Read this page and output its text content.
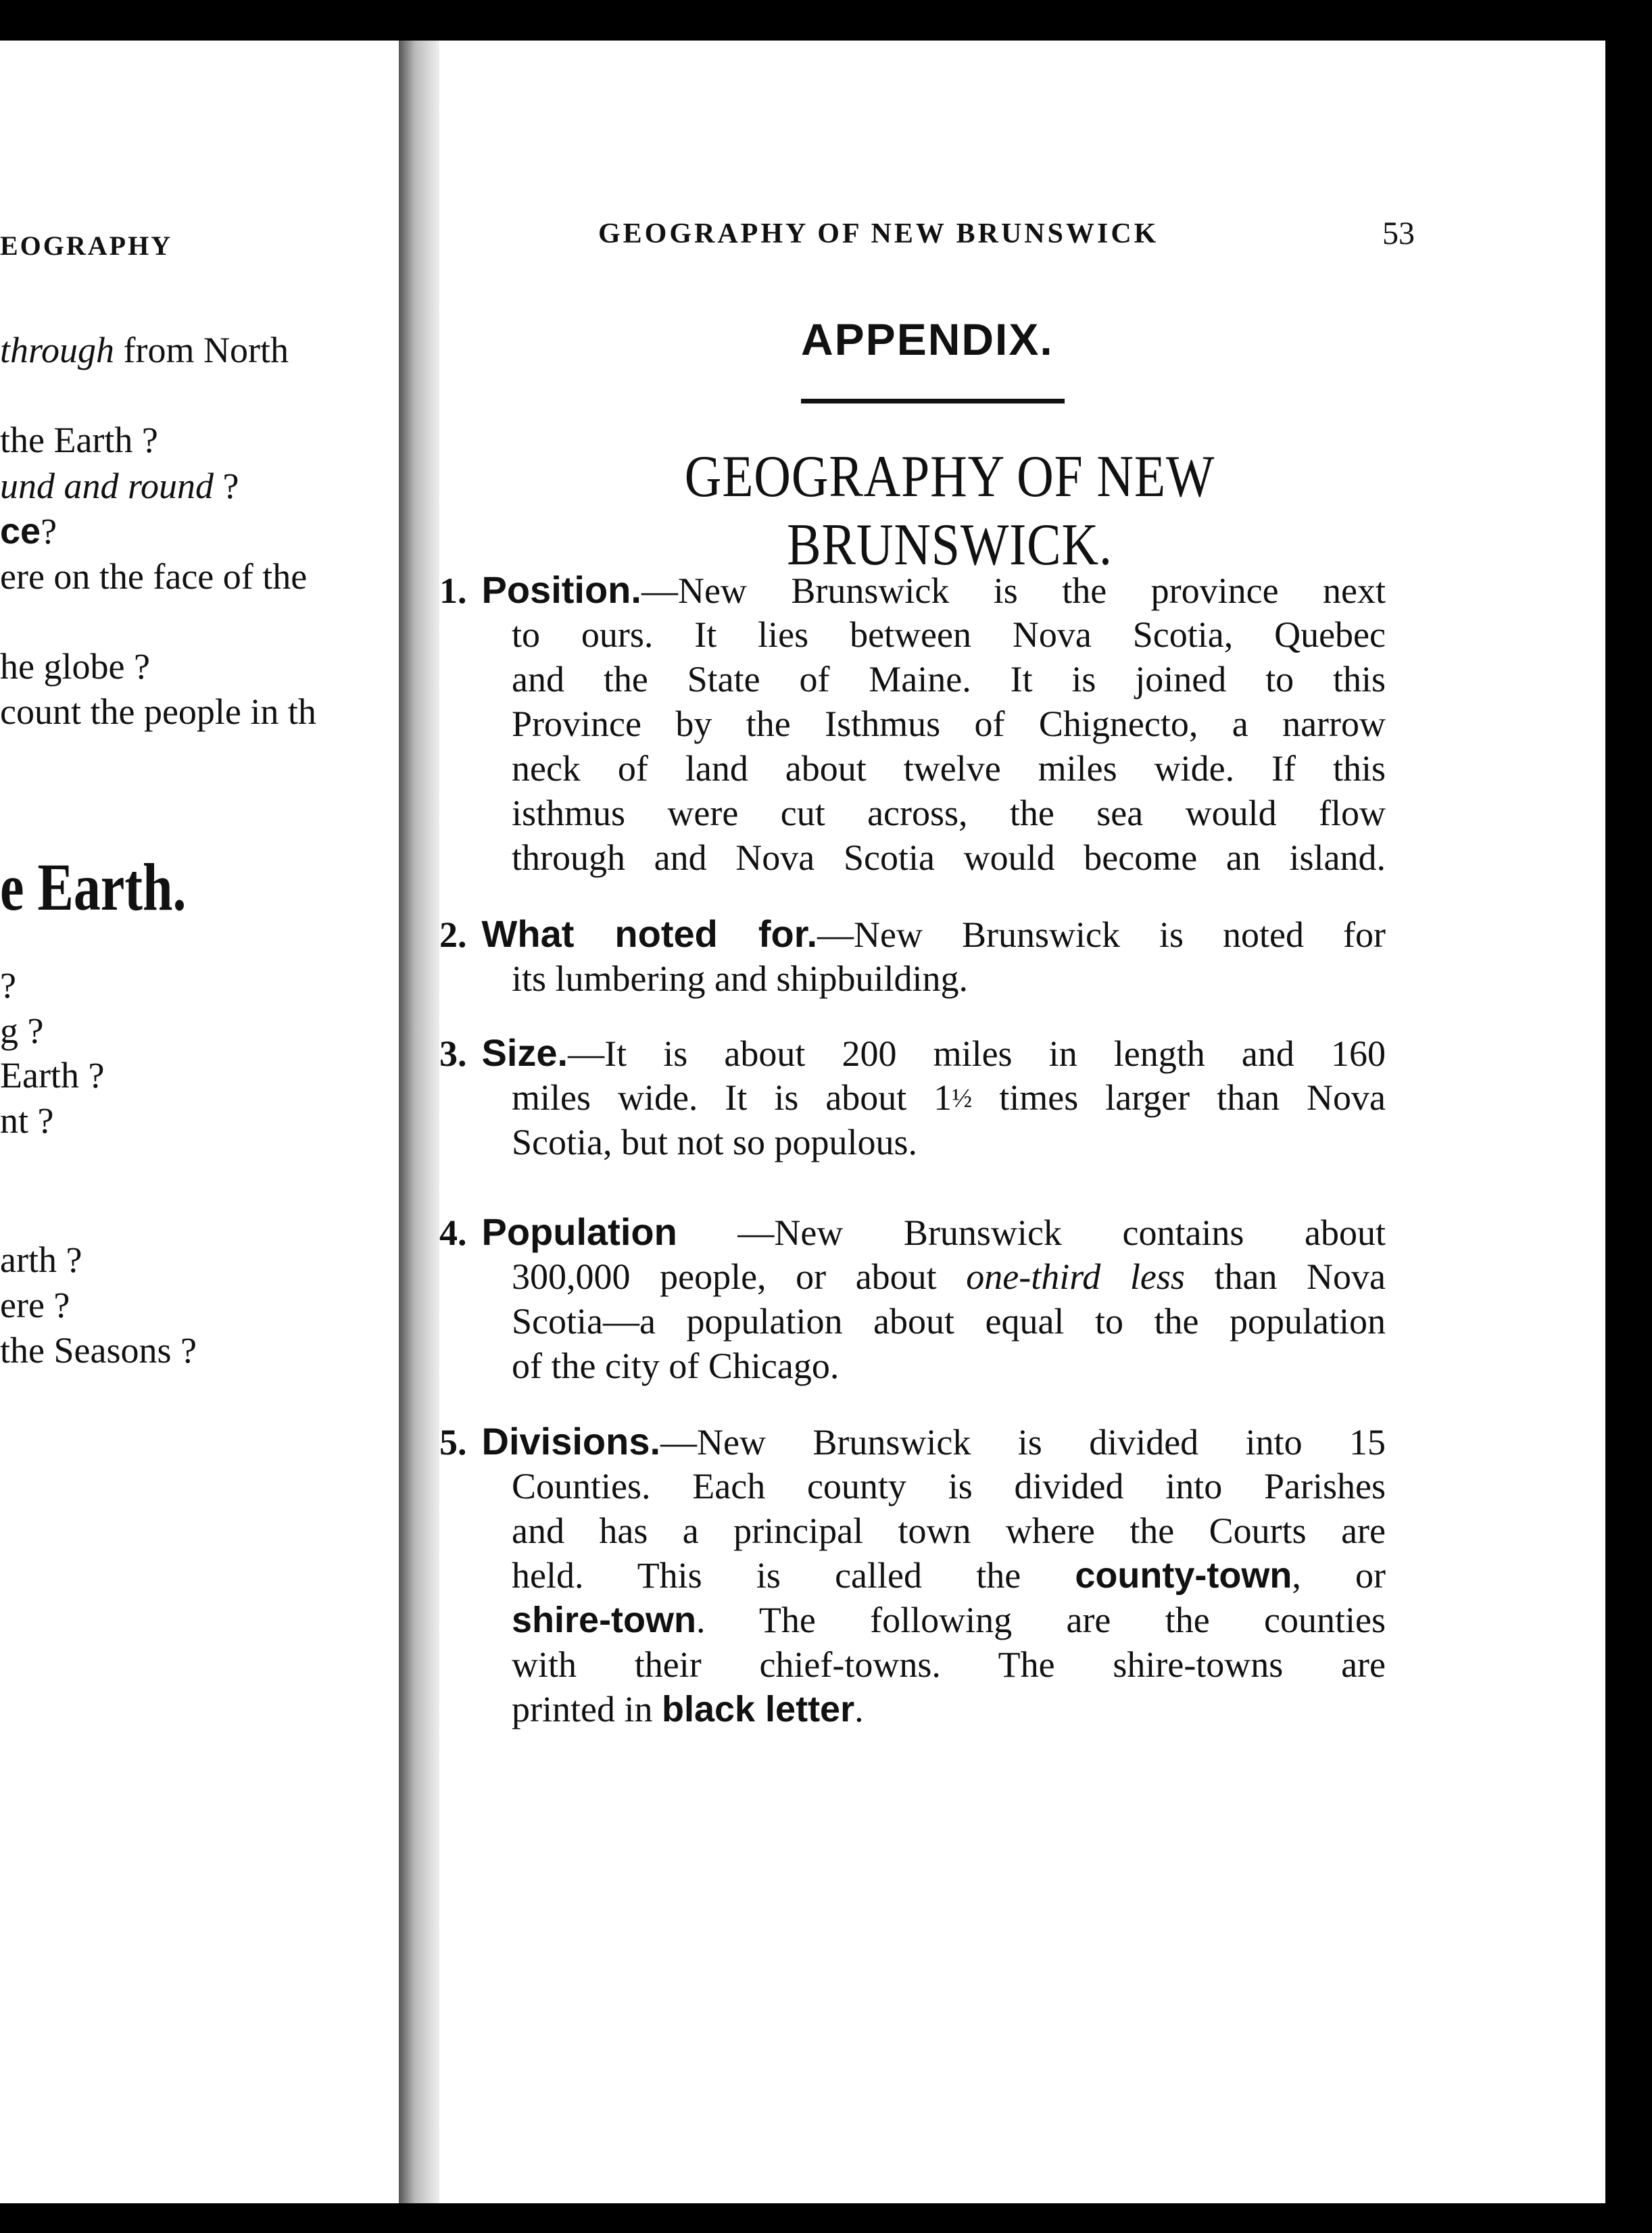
EOGRAPHY
through from North
the Earth ?
und and round ?
ce?
ere on the face of the
he globe ?
count the people in th
e Earth.
?
g ?
Earth ?
nt ?
arth ?
ere ?
the Seasons ?
GEOGRAPHY OF NEW BRUNSWICK	53
APPENDIX.
GEOGRAPHY OF NEW BRUNSWICK.
1. Position.—New Brunswick is the province next
to ours. It lies between Nova Scotia, Quebec
and the State of Maine. It is joined to this
Province by the Isthmus of Chignecto, a narrow
neck of land about twelve miles wide. If this
isthmus were cut across, the sea would flow
through and Nova Scotia would become an island.
2. What noted for.—New Brunswick is noted for
its lumbering and shipbuilding.
3. Size.—It is about 200 miles in length and 160
miles wide. It is about 1½ times larger than Nova
Scotia, but not so populous.
4. Population —New Brunswick contains about
300,000 people, or about one-third less than Nova
Scotia—a population about equal to the population
of the city of Chicago.
5. Divisions.—New Brunswick is divided into 15
Counties. Each county is divided into Parishes
and has a principal town where the Courts are
held. This is called the county-town, or
shire-town. The following are the counties
with their chief-towns. The shire-towns are
printed in black letter.
